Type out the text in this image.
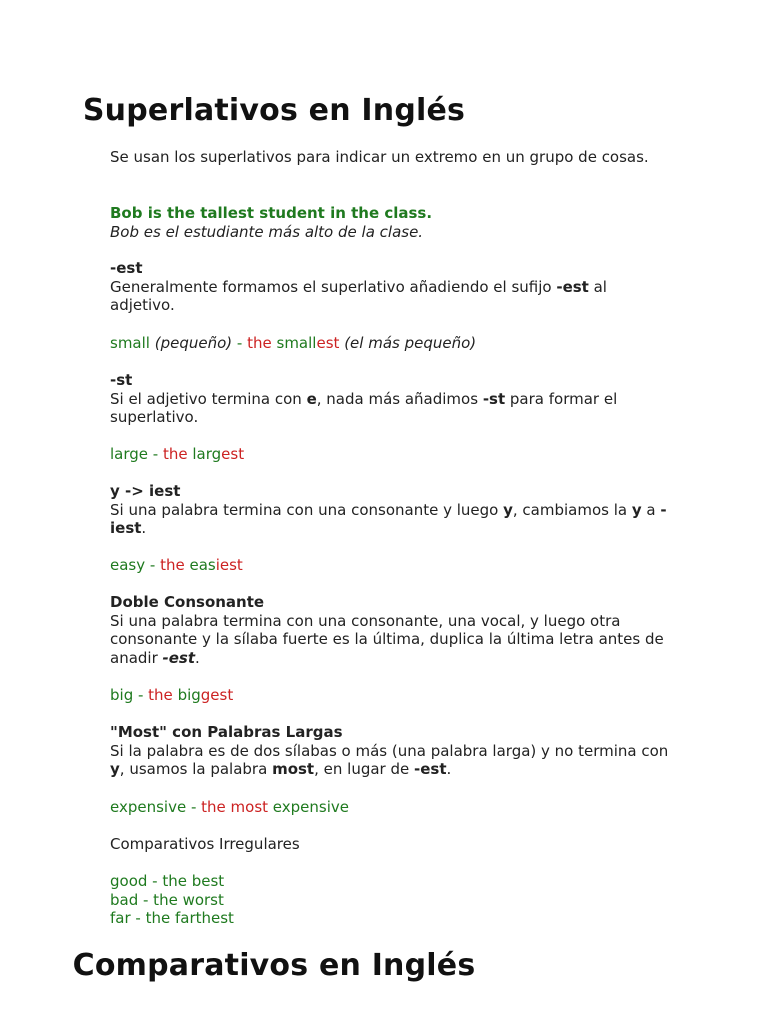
Superlativos en Inglés
Se usan los superlativos para indicar un extremo en un grupo de cosas.
Bob is the tallest student in the class.
Bob es el estudiante más alto de la clase.
-est
Generalmente formamos el superlativo añadiendo el sufijo -est al adjetivo.
small (pequeño) - the smallest (el más pequeño)
-st
Si el adjetivo termina con e, nada más añadimos -st para formar el superlativo.
large - the largest
y -> iest
Si una palabra termina con una consonante y luego y, cambiamos la y a -iest.
easy - the easiest
Doble Consonante
Si una palabra termina con una consonante, una vocal, y luego otra consonante y la sílaba fuerte es la última, duplica la última letra antes de anadir -est.
big - the biggest
"Most" con Palabras Largas
Si la palabra es de dos sílabas o más (una palabra larga) y no termina con y, usamos la palabra most, en lugar de -est.
expensive - the most expensive
Comparativos Irregulares
good - the best
bad - the worst
far - the farthest
Comparativos en Inglés
